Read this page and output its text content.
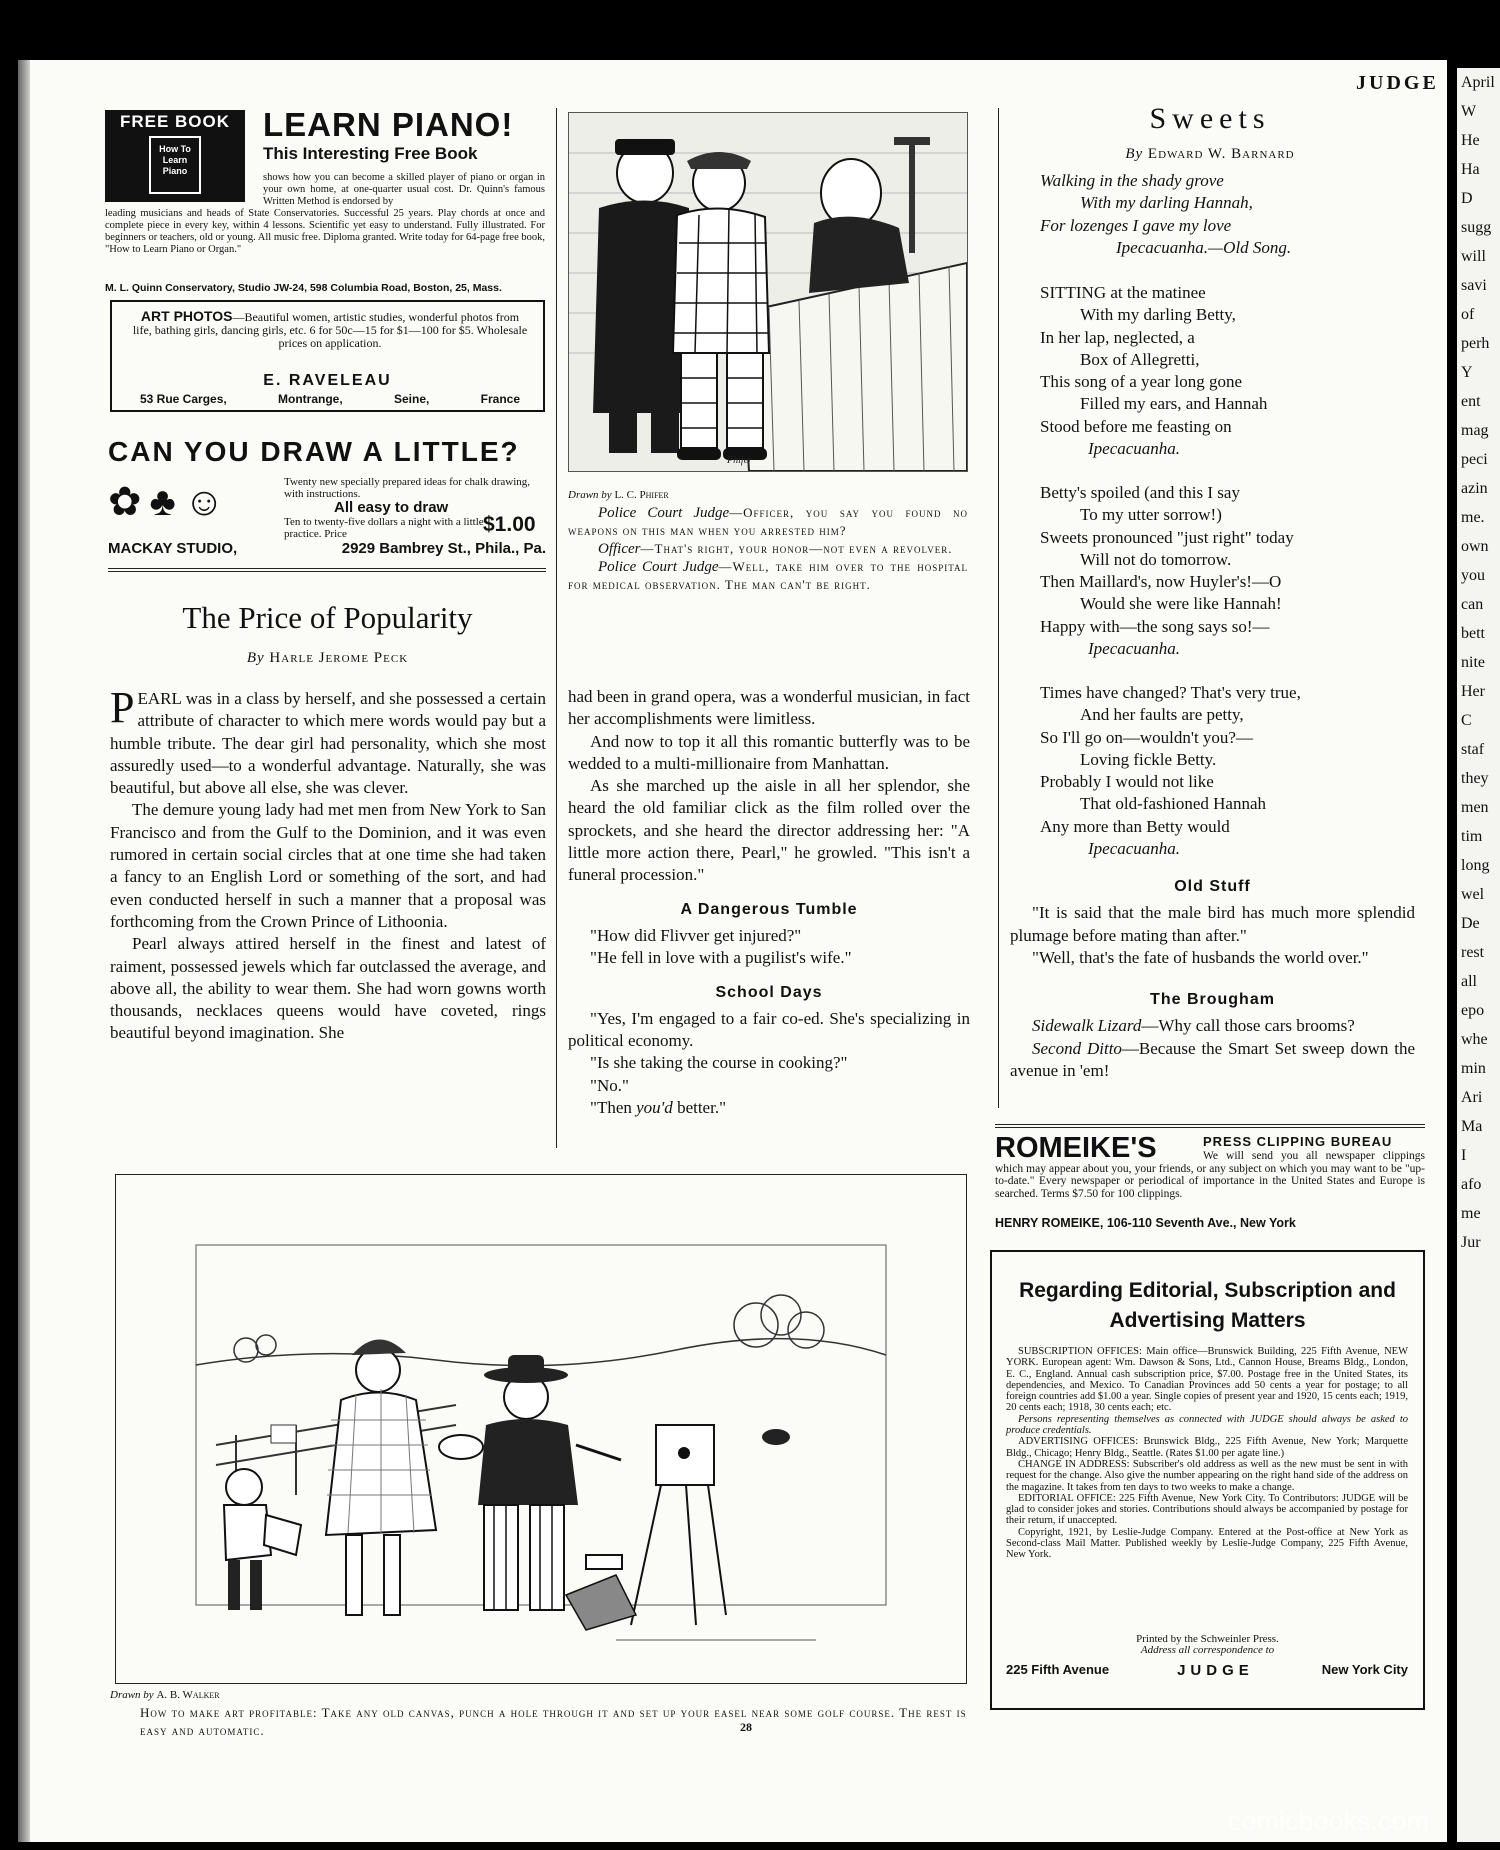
April
W
He
Ha
D
sugg
will
savi
of
perh
Y
ent
mag
peci
azin
me.
own
you
can
bett
nite
Her
C
staf
they
men
tim
long
wel
De
rest
all
epo
whe
min
Ari
Ma
I
afo
me
Jur
JUDGE
FREE BOOK
How To Learn Piano
LEARN PIANO!
This Interesting Free Book
shows how you can become a skilled player of piano or organ in your own home, at one-quarter usual cost. Dr. Quinn's famous Written Method is endorsed by
leading musicians and heads of State Conservatories. Successful 25 years. Play chords at once and complete piece in every key, within 4 lessons. Scientific yet easy to understand. Fully illustrated. For beginners or teachers, old or young. All music free. Diploma granted. Write today for 64-page free book, "How to Learn Piano or Organ."
M. L. Quinn Conservatory, Studio JW-24, 598 Columbia Road, Boston, 25, Mass.
ART PHOTOS—Beautiful women, artistic studies, wonderful photos from life, bathing girls, dancing girls, etc. 6 for 50c—15 for $1—100 for $5. Wholesale prices on application.
E. RAVELEAU
53 Rue Carges,	Montrange,	Seine,	France
CAN YOU DRAW A LITTLE?
✿♣☺	Twenty new specially prepared ideas for chalk drawing, with instructions.
All easy to draw
Ten to twenty-five dollars a night with a little practice. Price	$1.00
MACKAY STUDIO,	2929 Bambrey St., Phila., Pa.
The Price of Popularity
By Harle Jerome Peck

PEARL was in a class by herself, and she possessed a certain attribute of character to which mere words would pay but a humble tribute. The dear girl had personality, which she most assuredly used—to a wonderful advantage. Naturally, she was beautiful, but above all else, she was clever.

The demure young lady had met men from New York to San Francisco and from the Gulf to the Dominion, and it was even rumored in certain social circles that at one time she had taken a fancy to an English Lord or something of the sort, and had even conducted herself in such a manner that a proposal was forthcoming from the Crown Prince of Lithoonia.

Pearl always attired herself in the finest and latest of raiment, possessed jewels which far outclassed the average, and above all, the ability to wear them. She had worn gowns worth thousands, necklaces queens would have coveted, rings beautiful beyond imagination. She

Phifer
Drawn by L. C. Phifer
Police Court Judge—Officer, you say you found no weapons on this man when you arrested him?
Officer—That's right, your honor—not even a revolver.
Police Court Judge—Well, take him over to the hospital for medical observation. The man can't be right.

had been in grand opera, was a wonderful musician, in fact her accomplishments were limitless.

And now to top it all this romantic butterfly was to be wedded to a multi-millionaire from Manhattan.

As she marched up the aisle in all her splendor, she heard the old familiar click as the film rolled over the sprockets, and she heard the director addressing her: "A little more action there, Pearl," he growled. "This isn't a funeral procession."

A Dangerous Tumble

"How did Flivver get injured?"

"He fell in love with a pugilist's wife."

School Days

"Yes, I'm engaged to a fair co-ed. She's specializing in political economy.

"Is she taking the course in cooking?"

"No."

"Then you'd better."

Sweets
By Edward W. Barnard
Walking in the shady grove
With my darling Hannah,
For lozenges I gave my love
Ipecacuanha.—Old Song.
SITTING at the matinee
With my darling Betty,
In her lap, neglected, a
Box of Allegretti,
This song of a year long gone
Filled my ears, and Hannah
Stood before me feasting on
Ipecacuanha.
Betty's spoiled (and this I say
To my utter sorrow!)
Sweets pronounced "just right" today
Will not do tomorrow.
Then Maillard's, now Huyler's!—O
Would she were like Hannah!
Happy with—the song says so!—
Ipecacuanha.
Times have changed? That's very true,
And her faults are petty,
So I'll go on—wouldn't you?—
Loving fickle Betty.
Probably I would not like
That old-fashioned Hannah
Any more than Betty would
Ipecacuanha.
Old Stuff

"It is said that the male bird has much more splendid plumage before mating than after."

"Well, that's the fate of husbands the world over."

The Brougham

Sidewalk Lizard—Why call those cars brooms?

Second Ditto—Because the Smart Set sweep down the avenue in 'em!

ROMEIKE'S	PRESS CLIPPING BUREAU
We will send you all newspaper clippings which may appear about you, your friends, or any subject on which you may want to be "up-to-date." Every newspaper or periodical of importance in the United States and Europe is searched. Terms $7.50 for 100 clippings.
HENRY ROMEIKE, 106-110 Seventh Ave., New York
Regarding Editorial, Subscription and Advertising Matters

SUBSCRIPTION OFFICES: Main office—Brunswick Building, 225 Fifth Avenue, NEW YORK. European agent: Wm. Dawson & Sons, Ltd., Cannon House, Breams Bldg., London, E. C., England. Annual cash subscription price, $7.00. Postage free in the United States, its dependencies, and Mexico. To Canadian Provinces add 50 cents a year for postage; to all foreign countries add $1.00 a year. Single copies of present year and 1920, 15 cents each; 1919, 20 cents each; 1918, 30 cents each; etc.

Persons representing themselves as connected with JUDGE should always be asked to produce credentials.

ADVERTISING OFFICES: Brunswick Bldg., 225 Fifth Avenue, New York; Marquette Bldg., Chicago; Henry Bldg., Seattle. (Rates $1.00 per agate line.)

CHANGE IN ADDRESS: Subscriber's old address as well as the new must be sent in with request for the change. Also give the number appearing on the right hand side of the address on the magazine. It takes from ten days to two weeks to make a change.

EDITORIAL OFFICE: 225 Fifth Avenue, New York City. To Contributors: JUDGE will be glad to consider jokes and stories. Contributions should always be accompanied by postage for their return, if unaccepted.

Copyright, 1921, by Leslie-Judge Company. Entered at the Post-office at New York as Second-class Mail Matter. Published weekly by Leslie-Judge Company, 225 Fifth Avenue, New York.

Printed by the Schweinler Press.
Address all correspondence to
225 Fifth Avenue	JUDGE	New York City
Drawn by A. B. Walker
How to make art profitable: Take any old canvas, punch a hole through it and set up your easel near some golf course. The rest is easy and automatic.	28
comicbooks.com
